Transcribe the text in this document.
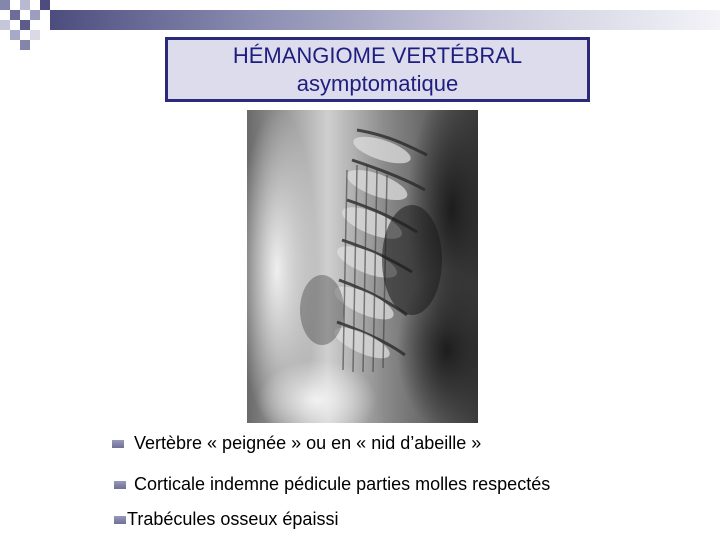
HÉMANGIOME VERTÉBRAL
asymptomatique
Vertèbre « peignée » ou en « nid d’abeille »
Corticale indemne pédicule parties molles respectés
Trabécules osseux épaissi
